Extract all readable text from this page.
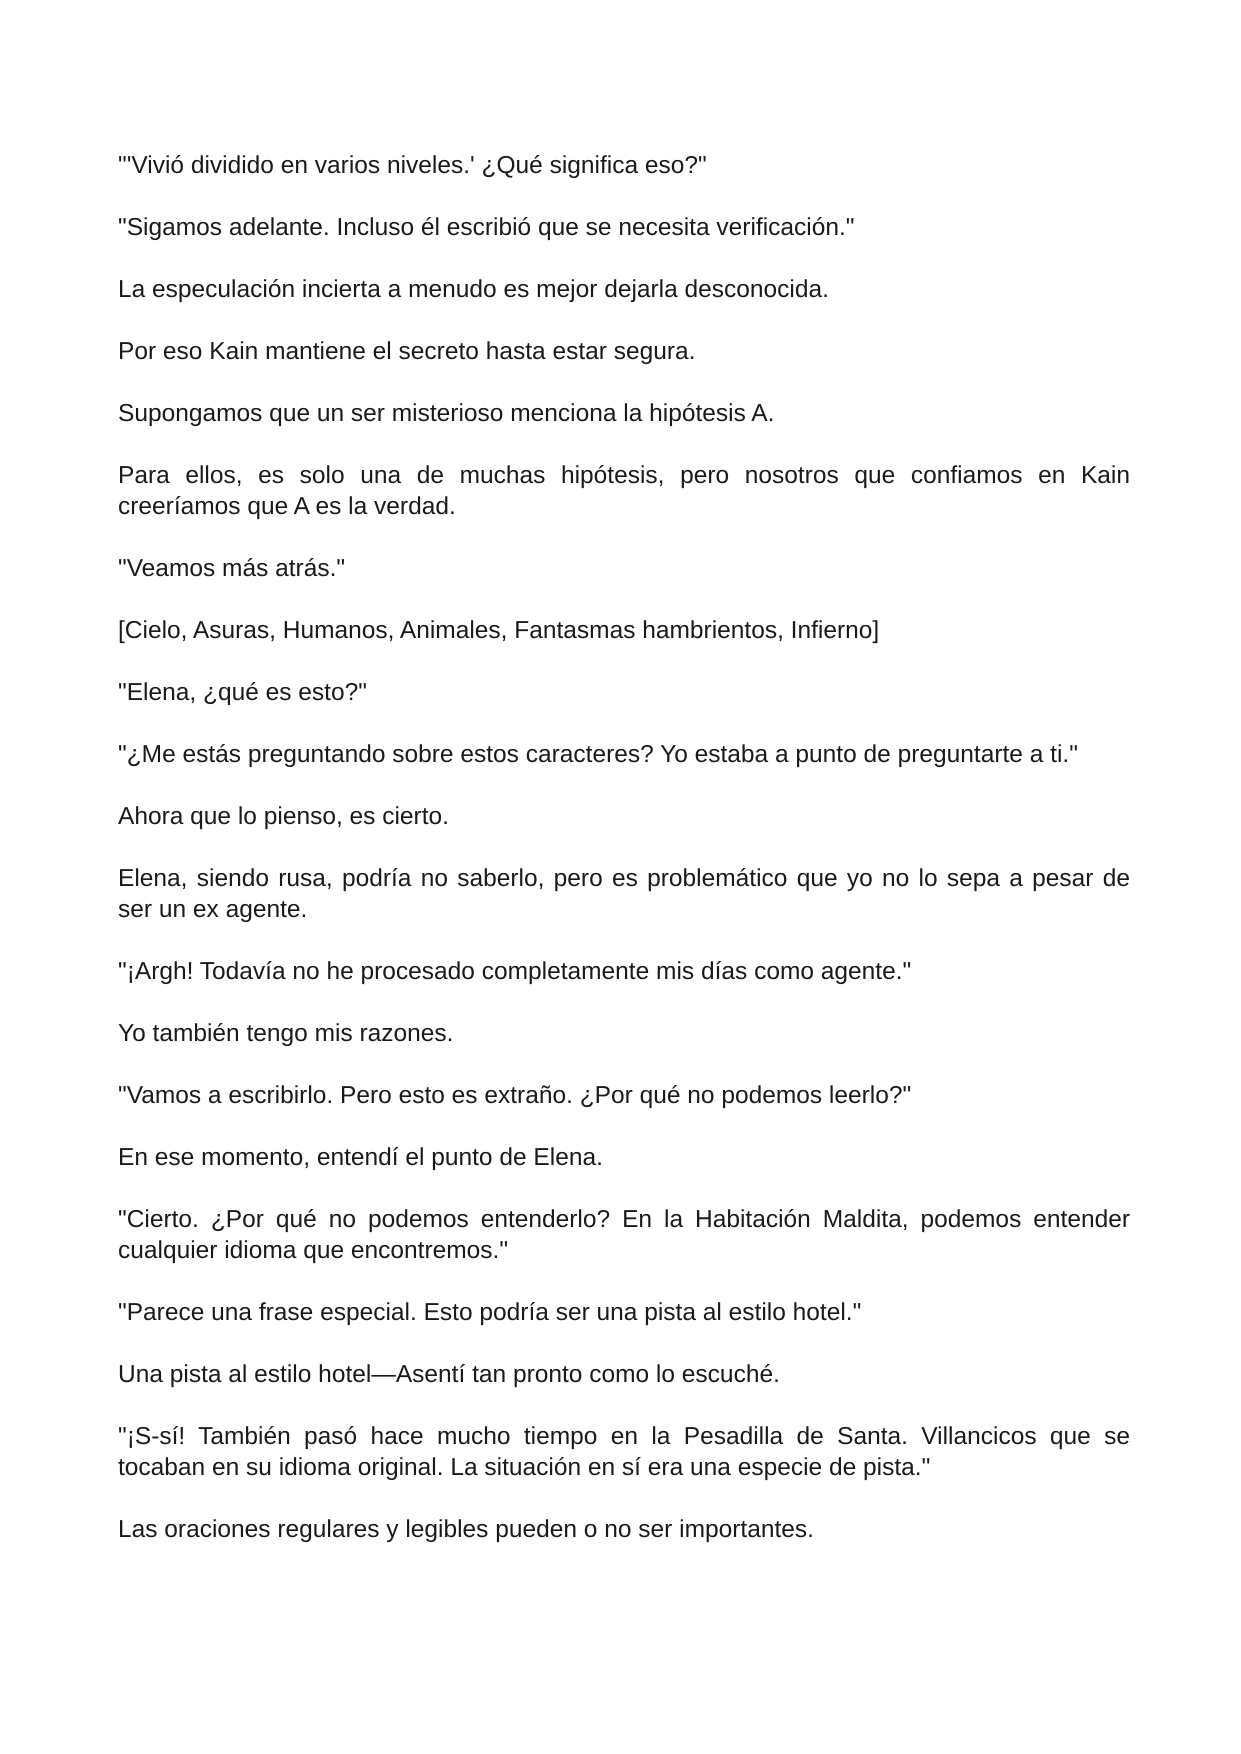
"'Vivió dividido en varios niveles.' ¿Qué significa eso?"

"Sigamos adelante. Incluso él escribió que se necesita verificación."

La especulación incierta a menudo es mejor dejarla desconocida.

Por eso Kain mantiene el secreto hasta estar segura.

Supongamos que un ser misterioso menciona la hipótesis A.

Para ellos, es solo una de muchas hipótesis, pero nosotros que confiamos en Kain creeríamos que A es la verdad.

"Veamos más atrás."

[Cielo, Asuras, Humanos, Animales, Fantasmas hambrientos, Infierno]

"Elena, ¿qué es esto?"

"¿Me estás preguntando sobre estos caracteres? Yo estaba a punto de preguntarte a ti."

Ahora que lo pienso, es cierto.

Elena, siendo rusa, podría no saberlo, pero es problemático que yo no lo sepa a pesar de ser un ex agente.

"¡Argh! Todavía no he procesado completamente mis días como agente."

Yo también tengo mis razones.

"Vamos a escribirlo. Pero esto es extraño. ¿Por qué no podemos leerlo?"

En ese momento, entendí el punto de Elena.

"Cierto. ¿Por qué no podemos entenderlo? En la Habitación Maldita, podemos entender cualquier idioma que encontremos."

"Parece una frase especial. Esto podría ser una pista al estilo hotel."

Una pista al estilo hotel—Asentí tan pronto como lo escuché.

"¡S-sí! También pasó hace mucho tiempo en la Pesadilla de Santa. Villancicos que se tocaban en su idioma original. La situación en sí era una especie de pista."

Las oraciones regulares y legibles pueden o no ser importantes.
